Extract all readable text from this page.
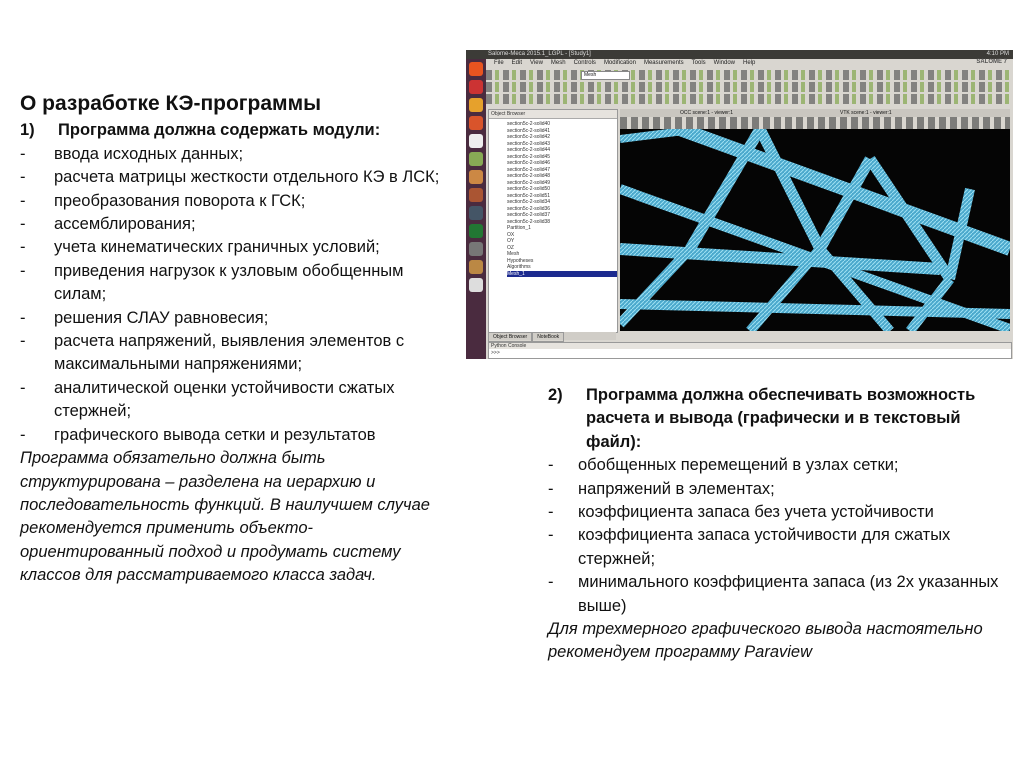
О разработке КЭ-программы
1)	Программа должна содержать модули:
-	ввода исходных данных;
-	расчета матрицы жесткости отдельного КЭ в ЛСК;
-	преобразования поворота к ГСК;
-	ассемблирования;
-	учета кинематических граничных условий;
-	приведения нагрузок к узловым обобщенным силам;
-	решения СЛАУ равновесия;
-	расчета напряжений, выявления элементов с максимальными напряжениями;
-	аналитической оценки устойчивости сжатых стержней;
-	графического вывода сетки и результатов
Программа обязательно должна быть структурирована – разделена на иерархию и последовательность функций. В наилучшем случае рекомендуется применить объекто-ориентированный подход и продумать систему классов для рассматриваемого класса задач.
2)	Программа должна обеспечивать возможность расчета и вывода (графически и в текстовый файл):
-	обобщенных перемещений в узлах сетки;
-	напряжений в элементах;
-	коэффициента запаса без учета устойчивости
-	коэффициента запаса устойчивости для сжатых стержней;
-	минимального коэффициента запаса (из 2х указанных выше)
Для трехмерного графического вывода настоятельно рекомендуем программу Paraview
Salome-Meca 2015.1_LGPL - [Study1]	4:10 PM
File Edit View Mesh Controls Modification Measurements Tools Window Help	SALOME 7
Mesh
Object Browser
section5c-2-solid40
section5c-2-solid41
section5c-2-solid42
section5c-2-solid43
section5c-2-solid44
section5c-2-solid45
section5c-2-solid46
section5c-2-solid47
section5c-2-solid48
section5c-2-solid49
section5c-2-solid50
section5c-2-solid51
section5c-2-solid34
section5c-2-solid36
section5c-2-solid37
section5c-2-solid38
Partition_1
OX
OY
OZ
Mesh
Hypotheses
Algorithms
Mesh_1
Object Browser NoteBook
OCC scene:1 - viewer:1	VTK scene:1 - viewer:1
Python Console
>>>
